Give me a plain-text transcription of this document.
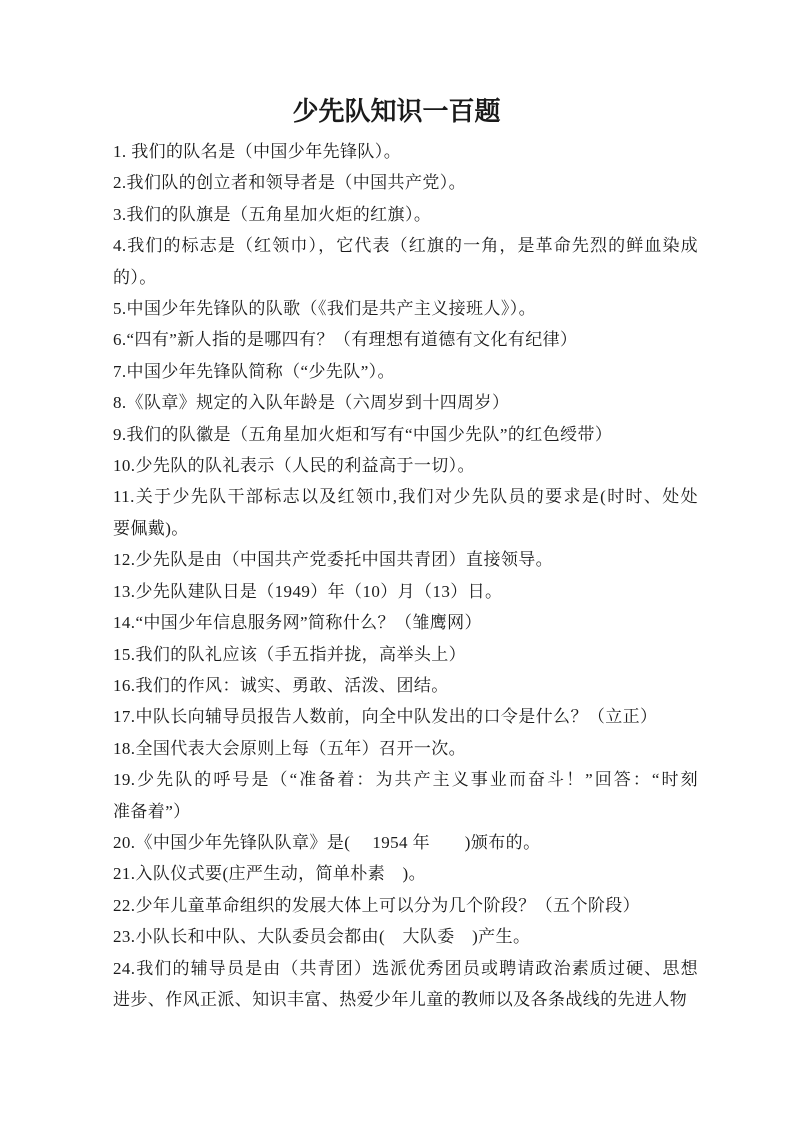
少先队知识一百题

1. 我们的队名是（中国少年先锋队）。

2.我们队的创立者和领导者是（中国共产党）。

3.我们的队旗是（五角星加火炬的红旗）。

4.我们的标志是（红领巾），它代表（红旗的一角，是革命先烈的鲜血染成
的）。

5.中国少年先锋队的队歌（《我们是共产主义接班人》）。

6.“四有”新人指的是哪四有？（有理想有道德有文化有纪律）

7.中国少年先锋队简称（“少先队”）。

8.《队章》规定的入队年龄是（六周岁到十四周岁）

9.我们的队徽是（五角星加火炬和写有“中国少先队”的红色绶带）

10.少先队的队礼表示（人民的利益高于一切）。

11.关于少先队干部标志以及红领巾,我们对少先队员的要求是(时时、处处
要佩戴)。

12.少先队是由（中国共产党委托中国共青团）直接领导。

13.少先队建队日是（1949）年（10）月（13）日。

14.“中国少年信息服务网”简称什么？（雏鹰网）

15.我们的队礼应该（手五指并拢，高举头上）

16.我们的作风：诚实、勇敢、活泼、团结。

17.中队长向辅导员报告人数前，向全中队发出的口令是什么？（立正）

18.全国代表大会原则上每（五年）召开一次。

19.少先队的呼号是（“准备着：为共产主义事业而奋斗！”回答：“时刻
准备着”）

20.《中国少年先锋队队章》是(　 1954 年　　)颁布的。

21.入队仪式要(庄严生动，简单朴素　)。

22.少年儿童革命组织的发展大体上可以分为几个阶段？（五个阶段）

23.小队长和中队、大队委员会都由(　大队委　)产生。

24.我们的辅导员是由（共青团）选派优秀团员或聘请政治素质过硬、思想
进步、作风正派、知识丰富、热爱少年儿童的教师以及各条战线的先进人物
